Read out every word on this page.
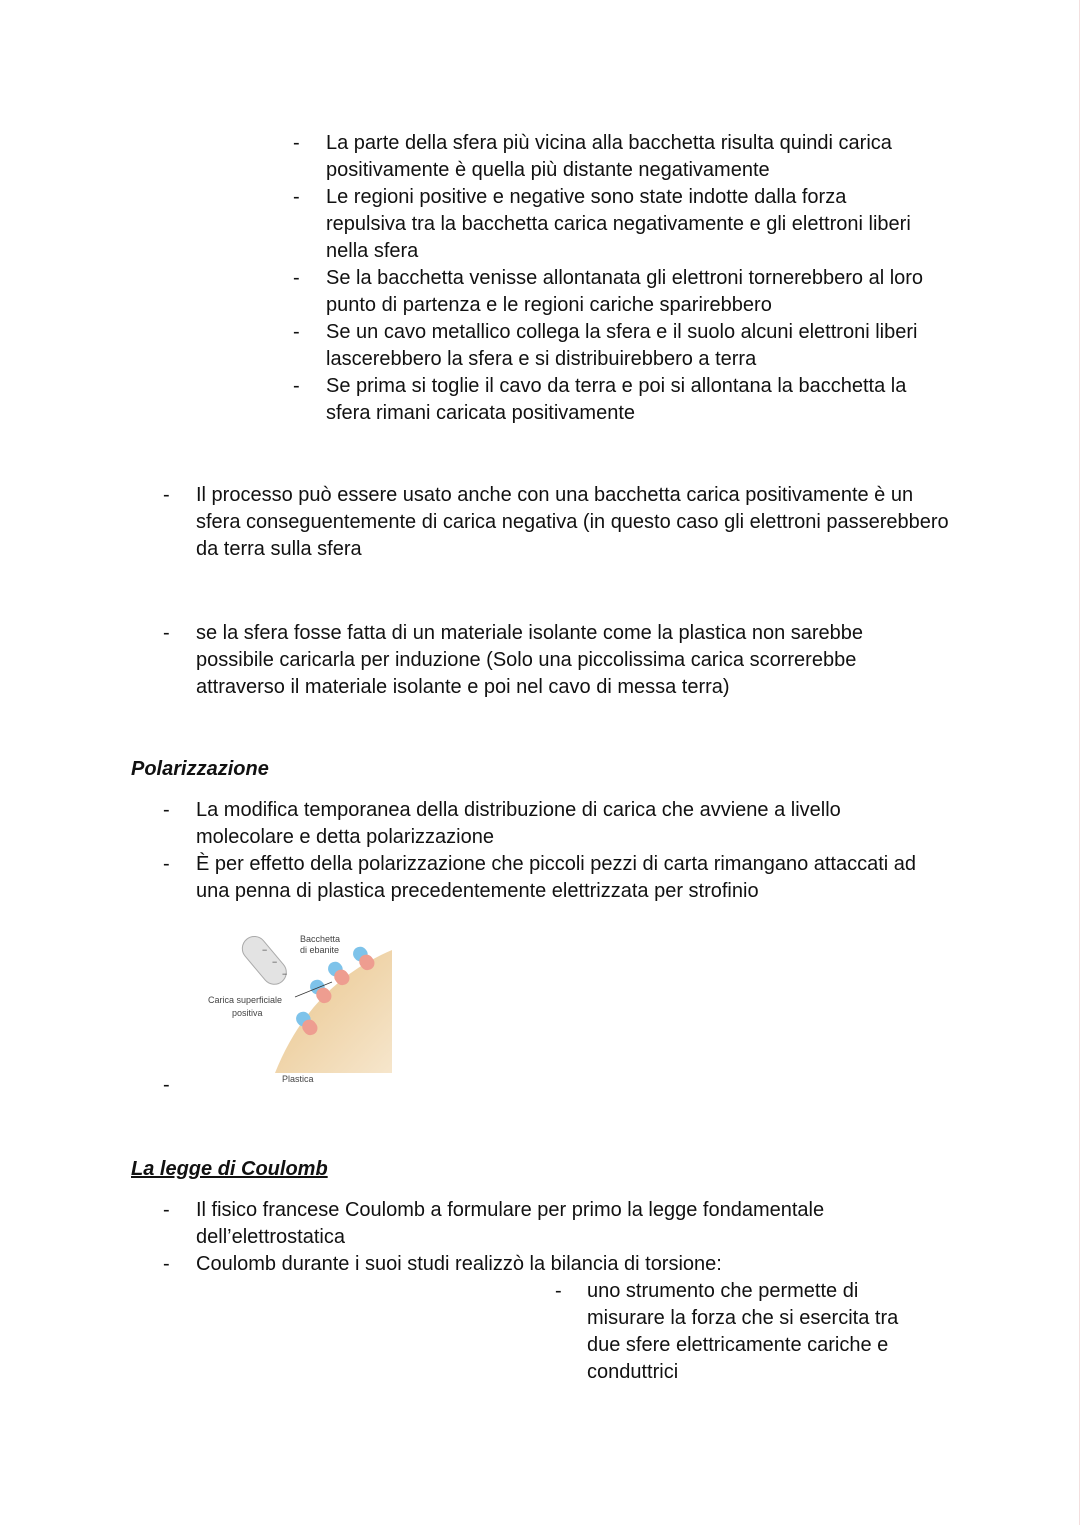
- La parte della sfera più vicina alla bacchetta risulta quindi carica positivamente è quella più distante negativamente
- Le regioni positive e negative sono state indotte dalla forza repulsiva tra la bacchetta carica negativamente e gli elettroni liberi nella sfera
- Se la bacchetta venisse allontanata gli elettroni tornerebbero al loro punto di partenza e le regioni cariche sparirebbero
- Se un cavo metallico collega la sfera e il suolo alcuni elettroni liberi lascerebbero la sfera e si distribuirebbero a terra
- Se prima si toglie il cavo da terra e poi si allontana la bacchetta la sfera rimani caricata positivamente
- Il processo può essere usato anche con una bacchetta carica positivamente è un sfera conseguentemente di carica negativa (in questo caso gli elettroni passerebbero da terra sulla sfera
- se la sfera fosse fatta di un materiale isolante come la plastica non sarebbe possibile caricarla per induzione (Solo una piccolissima carica scorrerebbe attraverso il materiale isolante e poi nel cavo di messa terra)
Polarizzazione
- La modifica temporanea della distribuzione di carica che avviene a livello molecolare e detta polarizzazione
- È per effetto della polarizzazione che piccoli pezzi di carta rimangano attaccati ad una penna di plastica precedentemente elettrizzata per strofinio
−
−
−
Bacchetta
di ebanite
Carica superficiale
positiva
Plastica
-
La legge di Coulomb
- Il fisico francese Coulomb a formulare per primo la legge fondamentale dell’elettrostatica
- Coulomb durante i suoi studi realizzò la bilancia di torsione:
- uno strumento che permette di misurare la forza che si esercita tra due sfere elettricamente cariche e conduttrici
